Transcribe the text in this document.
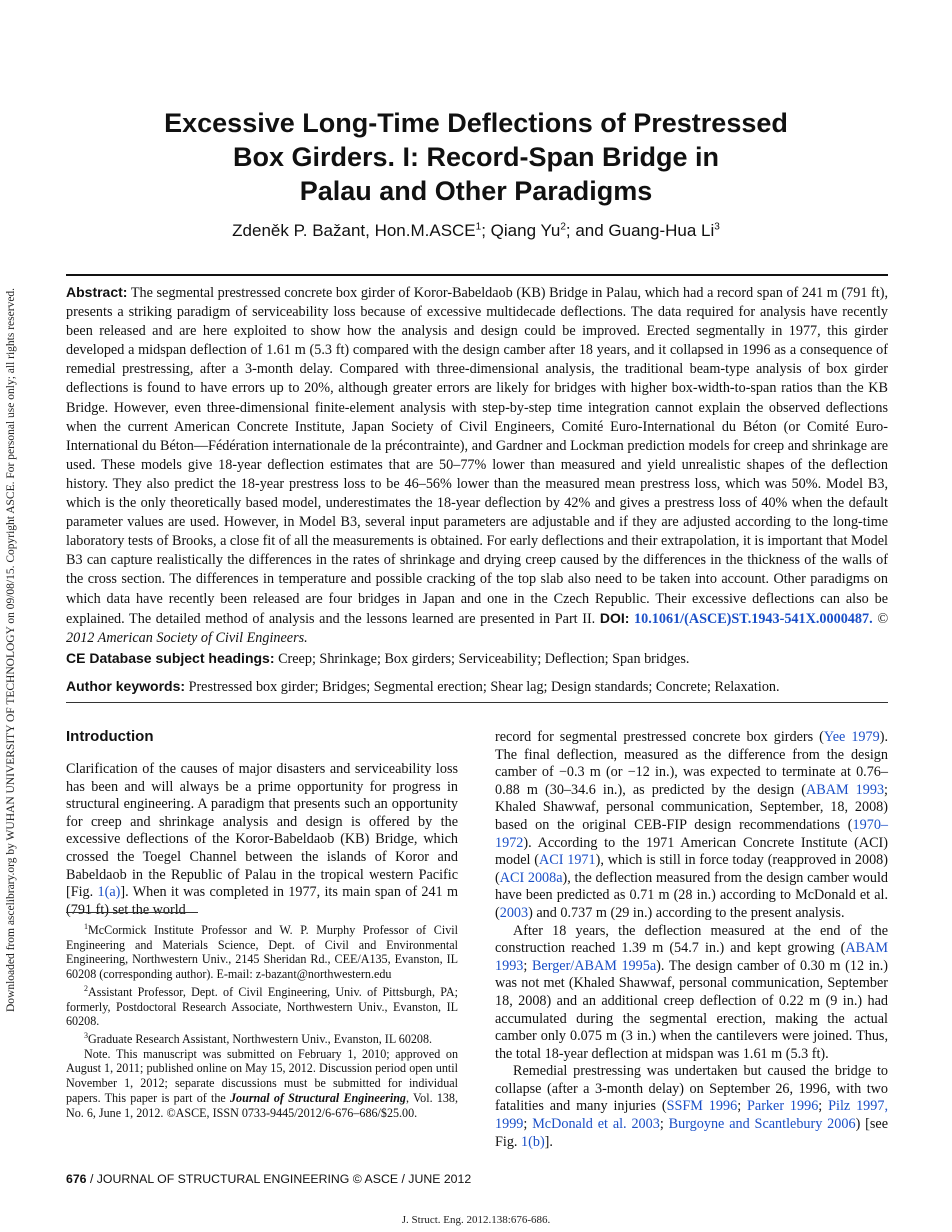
Downloaded from ascelibrary.org by WUHAN UNIVERSITY OF TECHNOLOGY on 09/08/15. Copyright ASCE. For personal use only; all rights reserved.
Excessive Long-Time Deflections of Prestressed
Box Girders. I: Record-Span Bridge in
Palau and Other Paradigms
Zdeněk P. Bažant, Hon.M.ASCE$^1$; Qiang Yu$^2$; and Guang-Hua Li$^3$
Abstract: The segmental prestressed concrete box girder of Koror-Babeldaob (KB) Bridge in Palau, which had a record span of 241 m (791 ft), presents a striking paradigm of serviceability loss because of excessive multidecade deflections. The data required for analysis have recently been released and are here exploited to show how the analysis and design could be improved. Erected segmentally in 1977, this girder developed a midspan deflection of 1.61 m (5.3 ft) compared with the design camber after 18 years, and it collapsed in 1996 as a consequence of remedial prestressing, after a 3-month delay. Compared with three-dimensional analysis, the traditional beam-type analysis of box girder deflections is found to have errors up to 20%, although greater errors are likely for bridges with higher box-width-to-span ratios than the KB Bridge. However, even three-dimensional finite-element analysis with step-by-step time integration cannot explain the observed deflections when the current American Concrete Institute, Japan Society of Civil Engineers, Comité Euro-International du Béton (or Comité Euro-International du Béton—Fédération internationale de la précontrainte), and Gardner and Lockman prediction models for creep and shrinkage are used. These models give 18-year deflection estimates that are 50–77% lower than measured and yield unrealistic shapes of the deflection history. They also predict the 18-year prestress loss to be 46–56% lower than the measured mean prestress loss, which was 50%. Model B3, which is the only theoretically based model, underestimates the 18-year deflection by 42% and gives a prestress loss of 40% when the default parameter values are used. However, in Model B3, several input parameters are adjustable and if they are adjusted according to the long-time laboratory tests of Brooks, a close fit of all the measurements is obtained. For early deflections and their extrapolation, it is important that Model B3 can capture realistically the differences in the rates of shrinkage and drying creep caused by the differences in the thickness of the walls of the cross section. The differences in temperature and possible cracking of the top slab also need to be taken into account. Other paradigms on which data have recently been released are four bridges in Japan and one in the Czech Republic. Their excessive deflections can also be explained. The detailed method of analysis and the lessons learned are presented in Part II. DOI: 10.1061/(ASCE)ST.1943-541X.0000487. © 2012 American Society of Civil Engineers.
CE Database subject headings: Creep; Shrinkage; Box girders; Serviceability; Deflection; Span bridges.
Author keywords: Prestressed box girder; Bridges; Segmental erection; Shear lag; Design standards; Concrete; Relaxation.
Introduction

Clarification of the causes of major disasters and serviceability loss has been and will always be a prime opportunity for progress in structural engineering. A paradigm that presents such an opportunity for creep and shrinkage analysis and design is offered by the excessive deflections of the Koror-Babeldaob (KB) Bridge, which crossed the Toegel Channel between the islands of Koror and Babeldaob in the Republic of Palau in the tropical western Pacific [Fig. 1(a)]. When it was completed in 1977, its main span of 241 m (791 ft) set the world

$^1$McCormick Institute Professor and W. P. Murphy Professor of Civil Engineering and Materials Science, Dept. of Civil and Environmental Engineering, Northwestern Univ., 2145 Sheridan Rd., CEE/A135, Evanston, IL 60208 (corresponding author). E-mail: z-bazant@northwestern.edu

$^2$Assistant Professor, Dept. of Civil Engineering, Univ. of Pittsburgh, PA; formerly, Postdoctoral Research Associate, Northwestern Univ., Evanston, IL 60208.

$^3$Graduate Research Assistant, Northwestern Univ., Evanston, IL 60208.

Note. This manuscript was submitted on February 1, 2010; approved on August 1, 2011; published online on May 15, 2012. Discussion period open until November 1, 2012; separate discussions must be submitted for individual papers. This paper is part of the Journal of Structural Engineering, Vol. 138, No. 6, June 1, 2012. ©ASCE, ISSN 0733-9445/2012/6-676–686/$25.00.

record for segmental prestressed concrete box girders (Yee 1979). The final deflection, measured as the difference from the design camber of −0.3 m (or −12 in.), was expected to terminate at 0.76–0.88 m (30–34.6 in.), as predicted by the design (ABAM 1993; Khaled Shawwaf, personal communication, September, 18, 2008) based on the original CEB-FIP design recommendations (1970–1972). According to the 1971 American Concrete Institute (ACI) model (ACI 1971), which is still in force today (reapproved in 2008) (ACI 2008a), the deflection measured from the design camber would have been predicted as 0.71 m (28 in.) according to McDonald et al. (2003) and 0.737 m (29 in.) according to the present analysis.

After 18 years, the deflection measured at the end of the construction reached 1.39 m (54.7 in.) and kept growing (ABAM 1993; Berger/ABAM 1995a). The design camber of 0.30 m (12 in.) was not met (Khaled Shawwaf, personal communication, September 18, 2008) and an additional creep deflection of 0.22 m (9 in.) had accumulated during the segmental erection, making the actual camber only 0.075 m (3 in.) when the cantilevers were joined. Thus, the total 18-year deflection at midspan was 1.61 m (5.3 ft).

Remedial prestressing was undertaken but caused the bridge to collapse (after a 3-month delay) on September 26, 1996, with two fatalities and many injuries (SSFM 1996; Parker 1996; Pilz 1997, 1999; McDonald et al. 2003; Burgoyne and Scantlebury 2006) [see Fig. 1(b)].

676 / JOURNAL OF STRUCTURAL ENGINEERING © ASCE / JUNE 2012
J. Struct. Eng. 2012.138:676-686.
